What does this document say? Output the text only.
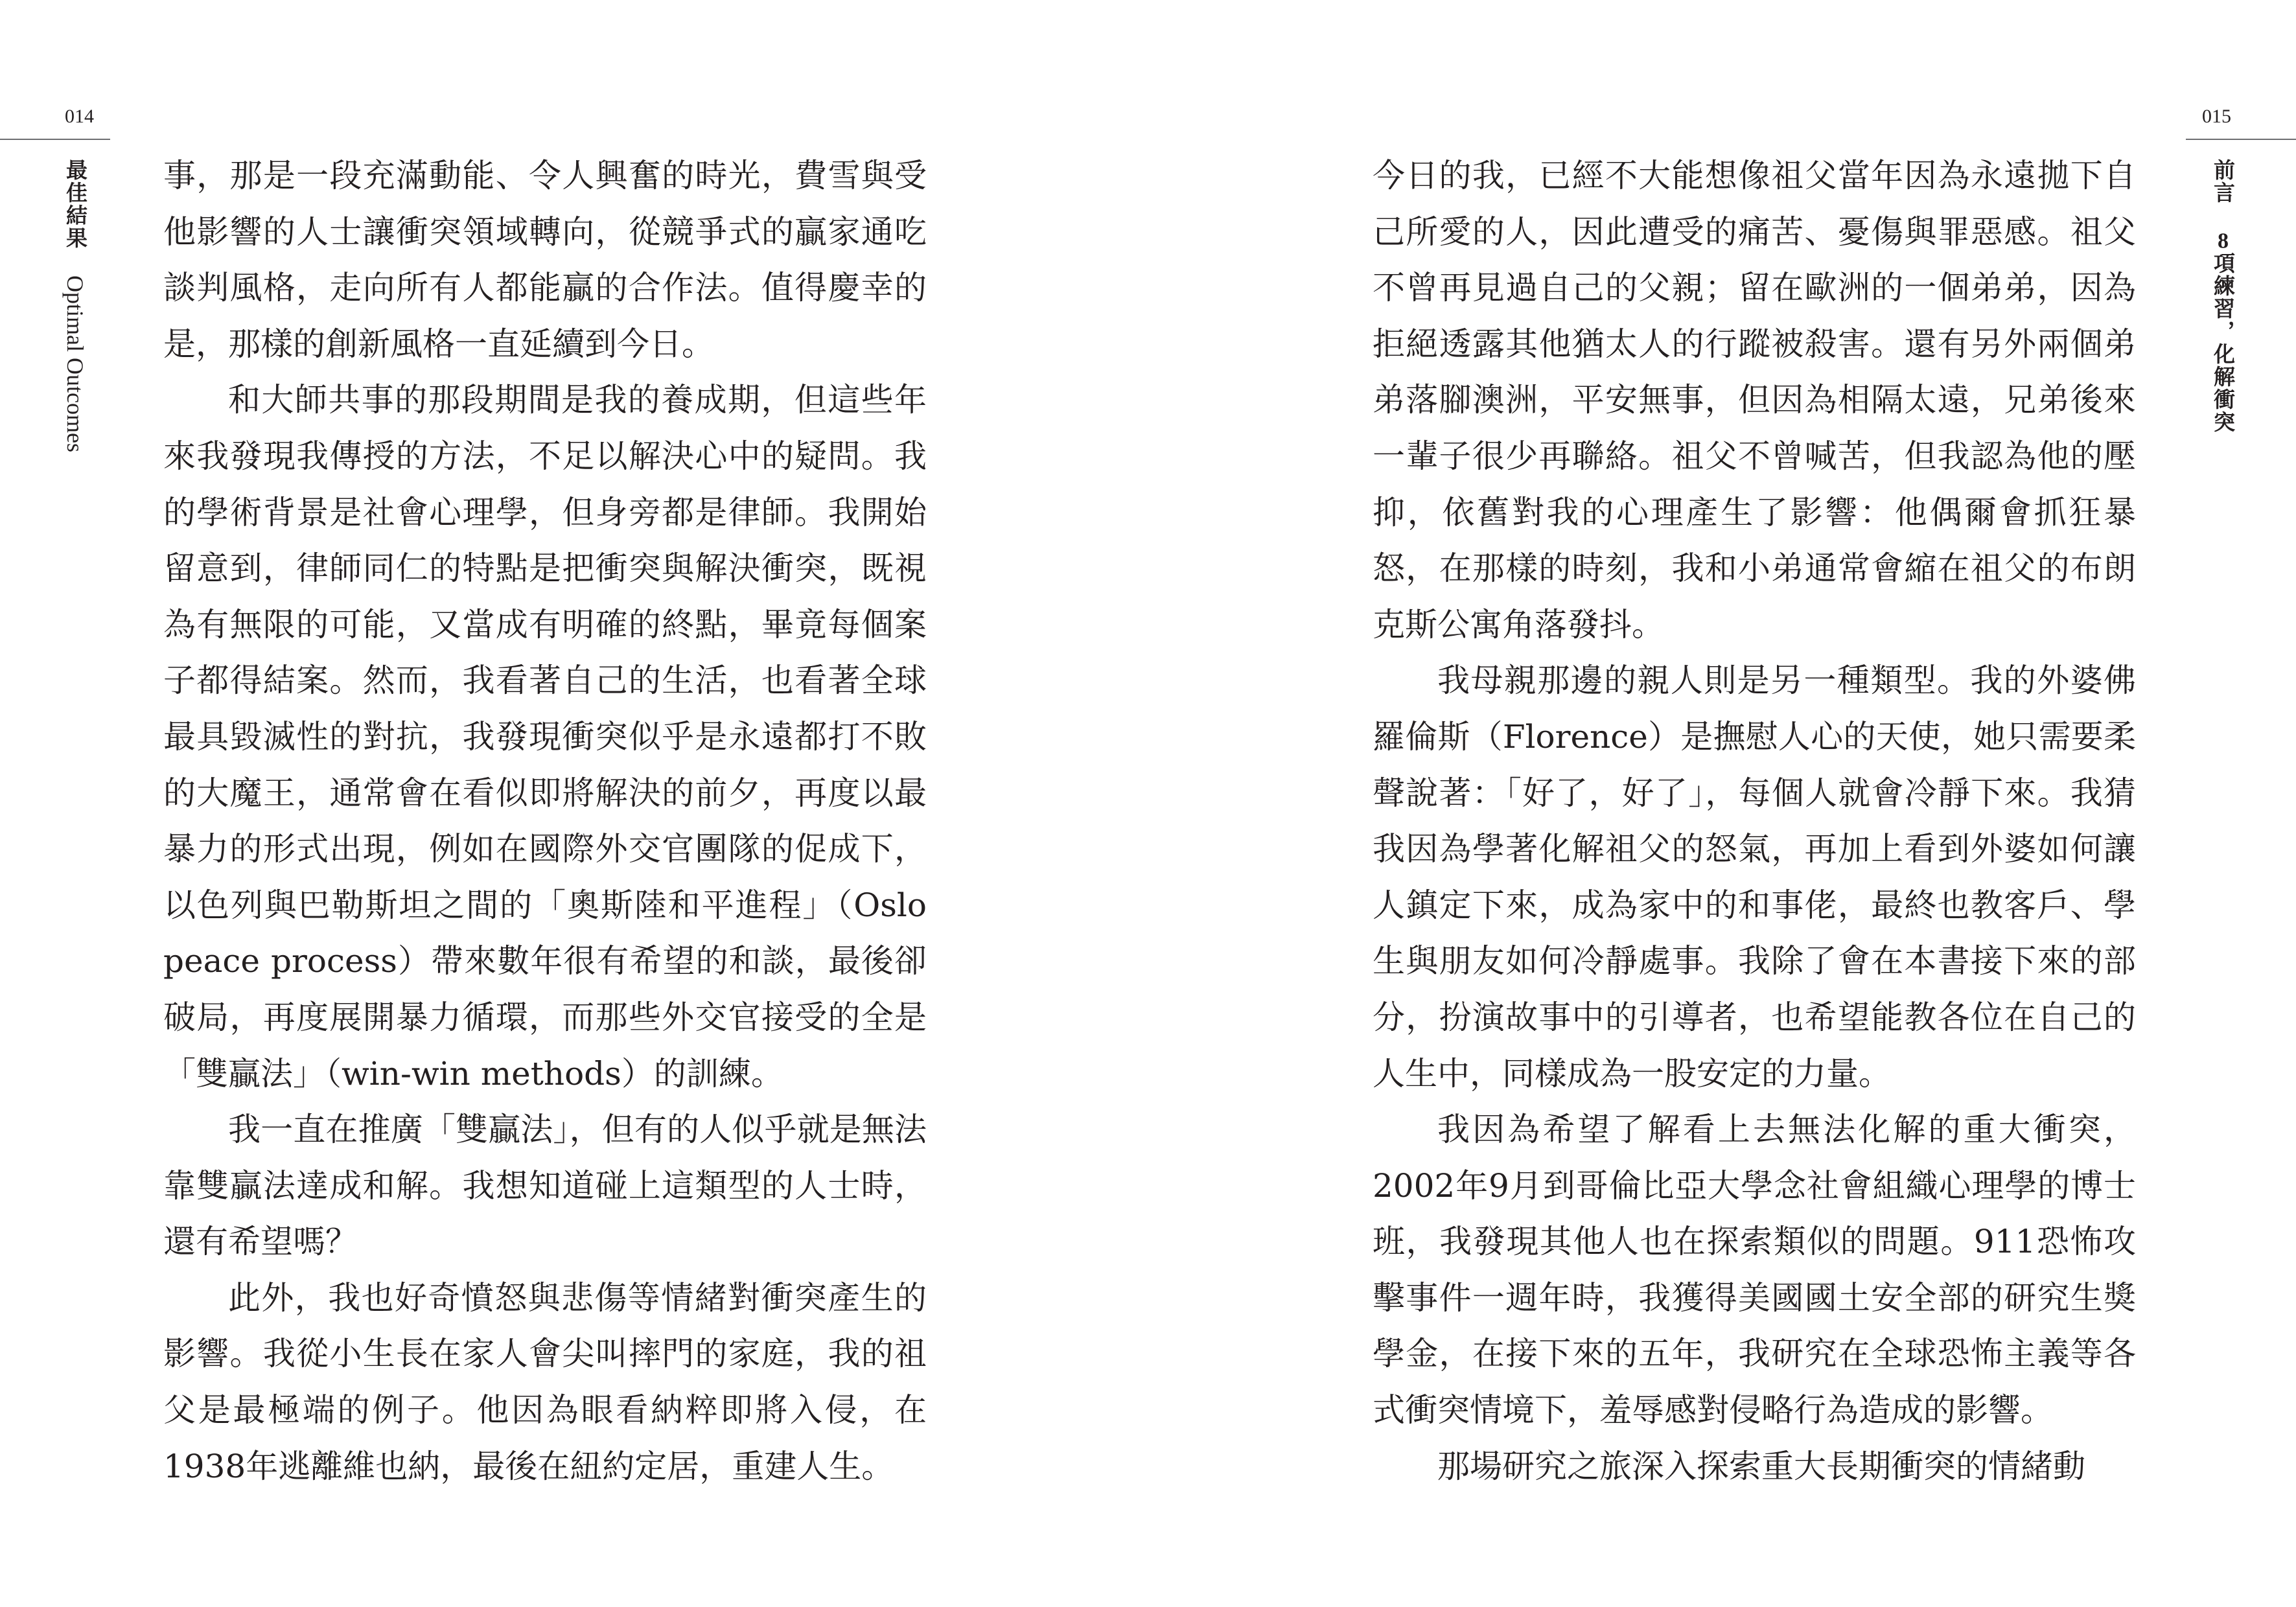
014
最佳結果Optimal Outcomes

事，那是一段充滿動能、令人興奮的時光，費雪與受他影響的人士讓衝突領域轉向，從競爭式的贏家通吃談判風格，走向所有人都能贏的合作法。值得慶幸的是，那樣的創新風格一直延續到今日。

和大師共事的那段期間是我的養成期，但這些年來我發現我傳授的方法，不足以解決心中的疑問。我的學術背景是社會心理學，但身旁都是律師。我開始留意到，律師同仁的特點是把衝突與解決衝突，既視為有無限的可能，又當成有明確的終點，畢竟每個案子都得結案。然而，我看著自己的生活，也看著全球最具毀滅性的對抗，我發現衝突似乎是永遠都打不敗的大魔王，通常會在看似即將解決的前夕，再度以最暴力的形式出現，例如在國際外交官團隊的促成下，以色列與巴勒斯坦之間的「奧斯陸和平進程」（Oslo peace process）帶來數年很有希望的和談，最後卻破局，再度展開暴力循環，而那些外交官接受的全是「雙贏法」（win-win methods）的訓練。

我一直在推廣「雙贏法」，但有的人似乎就是無法靠雙贏法達成和解。我想知道碰上這類型的人士時，還有希望嗎？

此外，我也好奇憤怒與悲傷等情緒對衝突產生的影響。我從小生長在家人會尖叫摔門的家庭，我的祖父是最極端的例子。他因為眼看納粹即將入侵，在1938年逃離維也納，最後在紐約定居，重建人生。

015
前言8項練習，化解衝突

今日的我，已經不大能想像祖父當年因為永遠拋下自己所愛的人，因此遭受的痛苦、憂傷與罪惡感。祖父不曾再見過自己的父親；留在歐洲的一個弟弟，因為拒絕透露其他猶太人的行蹤被殺害。還有另外兩個弟弟落腳澳洲，平安無事，但因為相隔太遠，兄弟後來一輩子很少再聯絡。祖父不曾喊苦，但我認為他的壓抑，依舊對我的心理產生了影響：他偶爾會抓狂暴怒，在那樣的時刻，我和小弟通常會縮在祖父的布朗克斯公寓角落發抖。

我母親那邊的親人則是另一種類型。我的外婆佛羅倫斯（Florence）是撫慰人心的天使，她只需要柔聲說著：「好了，好了」，每個人就會冷靜下來。我猜我因為學著化解祖父的怒氣，再加上看到外婆如何讓人鎮定下來，成為家中的和事佬，最終也教客戶、學生與朋友如何冷靜處事。我除了會在本書接下來的部分，扮演故事中的引導者，也希望能教各位在自己的人生中，同樣成為一股安定的力量。

我因為希望了解看上去無法化解的重大衝突，2002年9月到哥倫比亞大學念社會組織心理學的博士班，我發現其他人也在探索類似的問題。911恐怖攻擊事件一週年時，我獲得美國國土安全部的研究生獎學金，在接下來的五年，我研究在全球恐怖主義等各式衝突情境下，羞辱感對侵略行為造成的影響。

那場研究之旅深入探索重大長期衝突的情緒動
